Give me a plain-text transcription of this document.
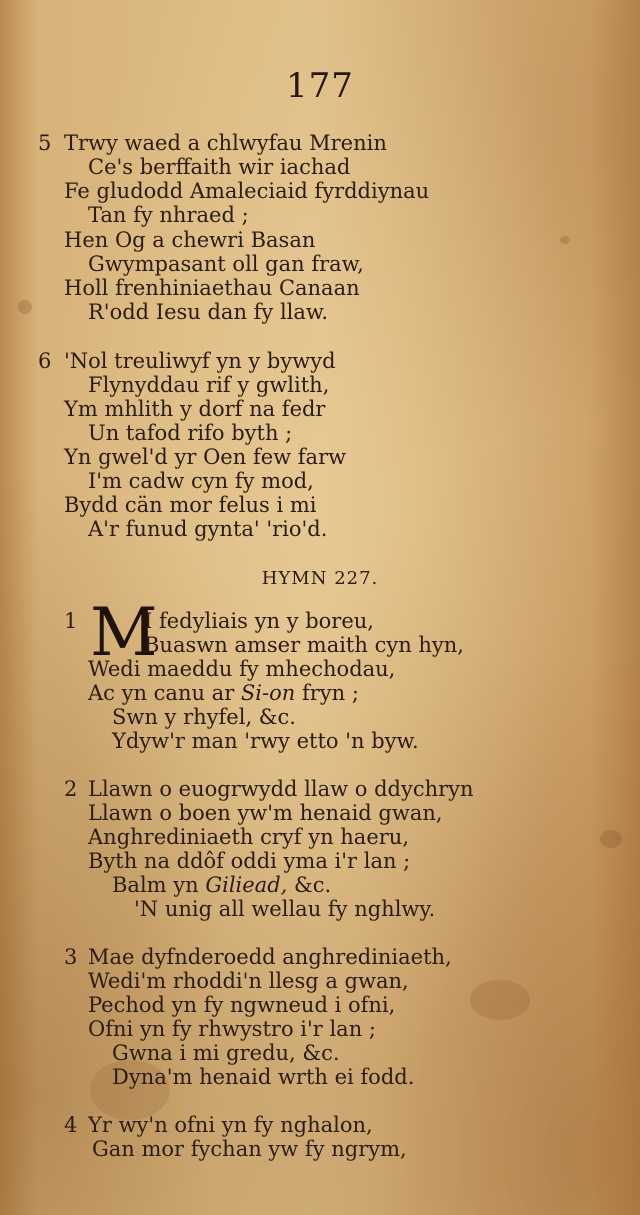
177
5 Trwy waed a chlwyfau Mrenin
Ce's berffaith wir iachad
Fe gludodd Amaleciaid fyrddiynau
Tan fy nhraed ;
Hen Og a chewri Basan
Gwympasant oll gan fraw,
Holl frenhiniaethau Canaan
R'odd Iesu dan fy llaw.
6 'Nol treuliwyf yn y bywyd
Flynyddau rif y gwlith,
Ym mhlith y dorf na fedr
Un tafod rifo byth ;
Yn gwel'd yr Oen few farw
I'm cadw cyn fy mod,
Bydd cän mor felus i mi
A'r funud gynta' 'rio'd.
HYMN 227.
1 M
I fedyliais yn y boreu,
Buaswn amser maith cyn hyn,
Wedi maeddu fy mhechodau,
Ac yn canu ar Si-on fryn ;
Swn y rhyfel, &c.
Ydyw'r man 'rwy etto 'n byw.
2 Llawn o euogrwydd llaw o ddychryn
Llawn o boen yw'm henaid gwan,
Anghrediniaeth cryf yn haeru,
Byth na ddôf oddi yma i'r lan ;
Balm yn Giliead, &c.
'N unig all wellau fy nghlwy.
3 Mae dyfnderoedd anghrediniaeth,
Wedi'm rhoddi'n llesg a gwan,
Pechod yn fy ngwneud i ofni,
Ofni yn fy rhwystro i'r lan ;
Gwna i mi gredu, &c.
Dyna'm henaid wrth ei fodd.
4 Yr wy'n ofni yn fy nghalon,
Gan mor fychan yw fy ngrym,
